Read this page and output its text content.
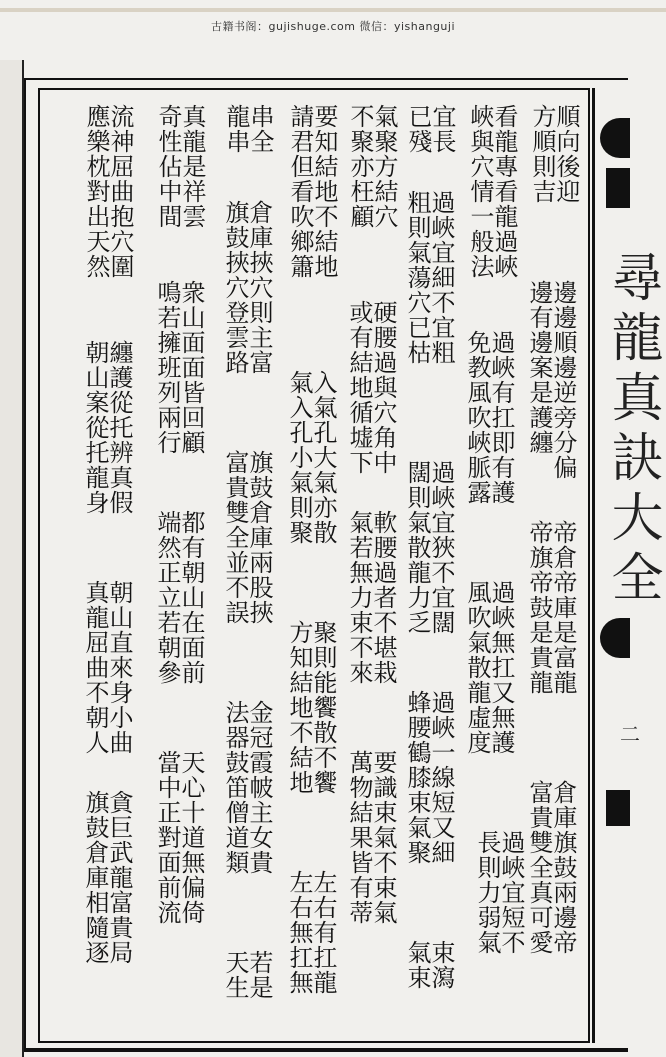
古籍书阁：gujishuge.com 微信：yishanguji
順向後迎
方順則吉
看龍專看龍過峽
峽與穴情一般法
宜長
已殘
氣聚方結穴
不聚亦枉顧
要知結地不結地
請君但看吹鄉簫
串全
龍串
真龍是祥雲
奇性佔中間
流神屈曲抱穴圍
應樂枕對出天然
邊邊順邊逆旁分偏
邊有邊案是護纏
帝倉帝庫是富龍
帝旗帝鼓是貴龍
倉庫旗鼓兩邊帝
富貴雙全真可愛
過峽有扛即有護
免教風吹峽脈露
過峽無扛又無護
風吹氣散龍虛度
過峽宜細不宜粗
粗則氣蕩穴已枯
過峽宜狹不宜闊
闊則氣散龍力乏
過峽一線短又細
蜂腰鶴膝束氣聚
過峽宜短不
長則力弱氣
束瀉
氣束
硬腰過與穴角中
或有結地循墟下
軟腰過者不堪栽
氣若無力束不來
要識束氣不束氣
萬物結果皆有蒂
入氣孔大氣亦散
氣入孔小氣則聚
聚則能饗散不饗
方知結地不結地
左右有扛龍
左右無扛無
倉庫挾穴則主富
旗鼓挾穴登雲路
旗鼓倉庫兩股挾
富貴雙全並不誤
金冠霞帔主女貴
法器鼓笛僧道類
若是
天生
衆山面面皆回顧
鳴若擁班列兩行
都有朝山在面前
端然正立若朝參
天心十道無偏倚
當中正對面前流
纏護從托辨真假
朝山案從托龍身
朝山直來身小曲
真龍屈曲不朝人
貪巨武龍富貴局
旗鼓倉庫相隨逐
尋龍真訣大全
二
